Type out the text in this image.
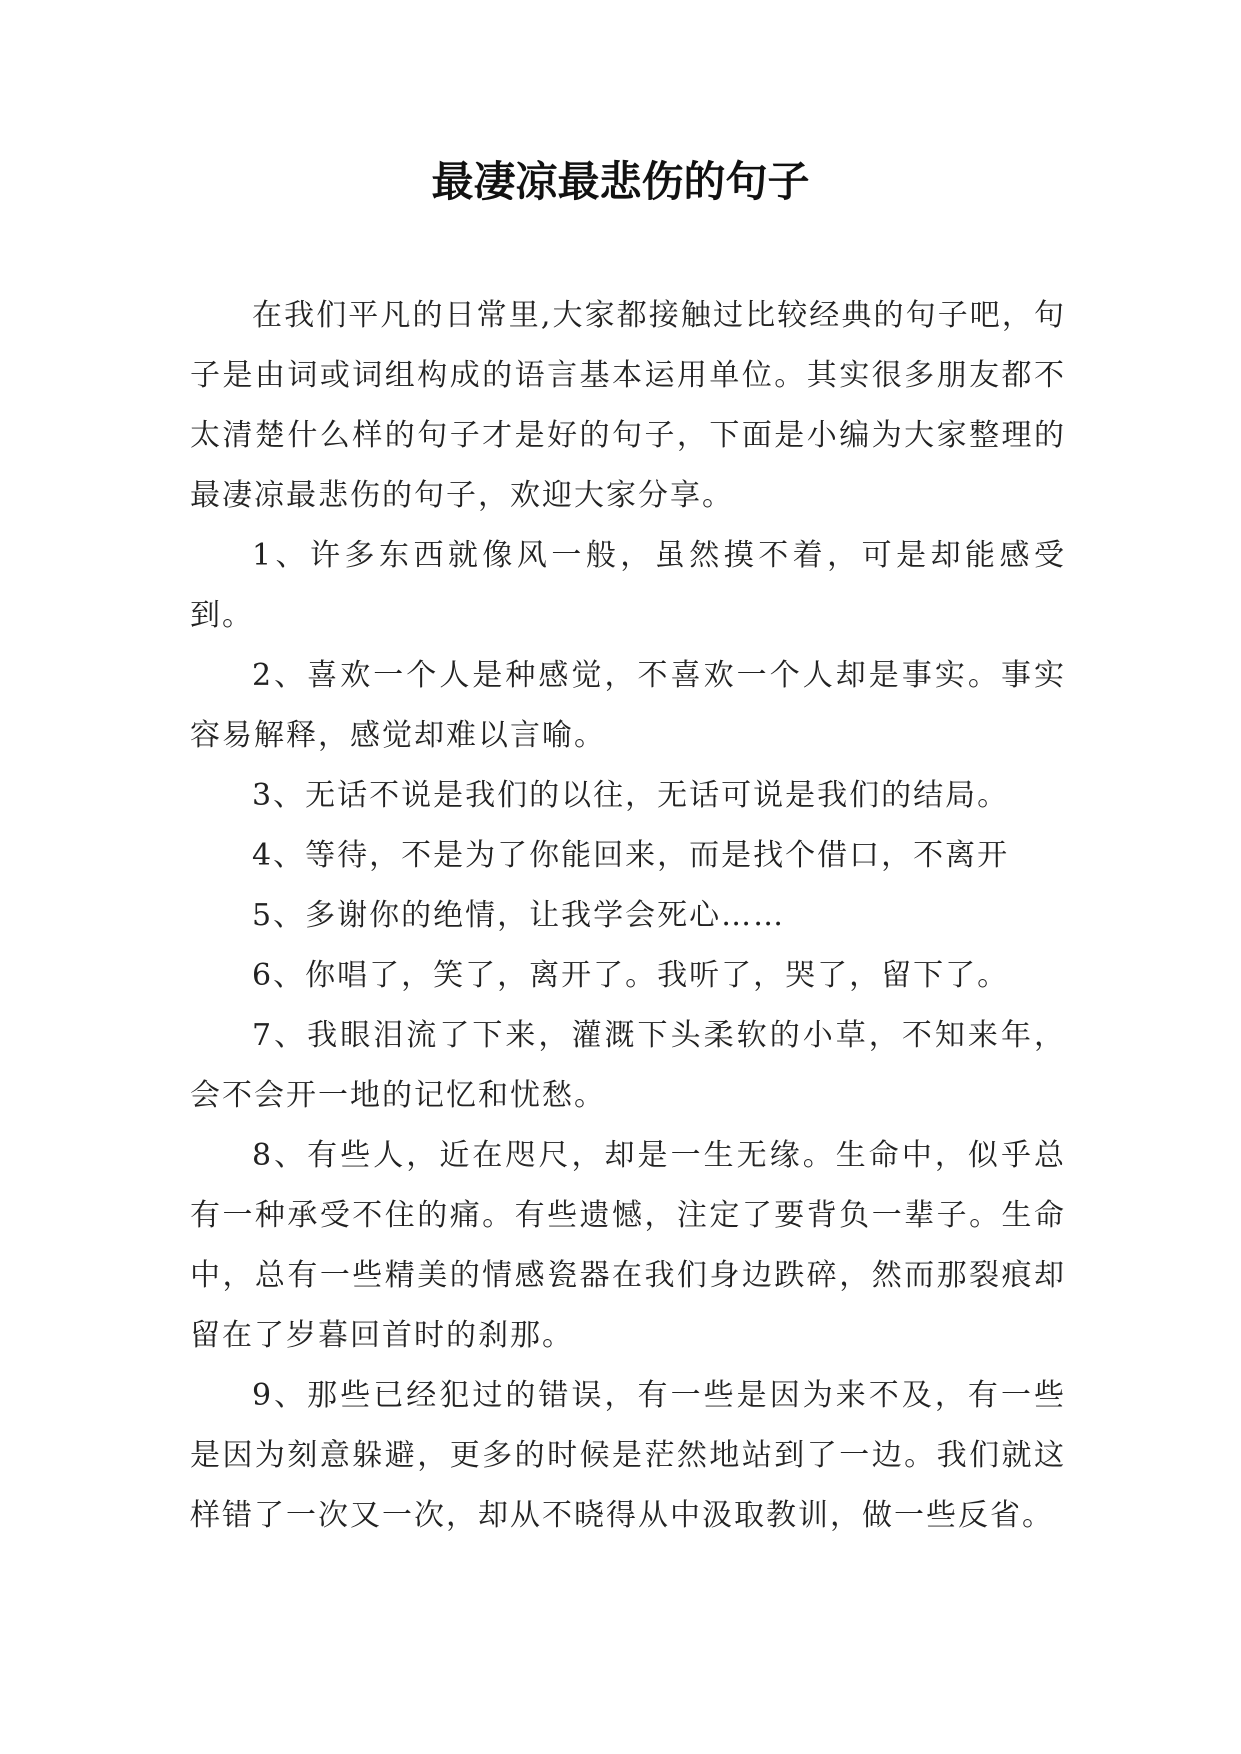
最凄凉最悲伤的句子

在我们平凡的日常里,大家都接触过比较经典的句子吧，句子是由词或词组构成的语言基本运用单位。其实很多朋友都不太清楚什么样的句子才是好的句子，下面是小编为大家整理的最凄凉最悲伤的句子，欢迎大家分享。

1、许多东西就像风一般，虽然摸不着，可是却能感受到。

2、喜欢一个人是种感觉，不喜欢一个人却是事实。事实容易解释，感觉却难以言喻。

3、无话不说是我们的以往，无话可说是我们的结局。

4、等待，不是为了你能回来，而是找个借口，不离开

5、多谢你的绝情，让我学会死心……

6、你唱了，笑了，离开了。我听了，哭了，留下了。

7、我眼泪流了下来，灌溉下头柔软的小草，不知来年，会不会开一地的记忆和忧愁。

8、有些人，近在咫尺，却是一生无缘。生命中，似乎总有一种承受不住的痛。有些遗憾，注定了要背负一辈子。生命中，总有一些精美的情感瓷器在我们身边跌碎，然而那裂痕却留在了岁暮回首时的刹那。

9、那些已经犯过的错误，有一些是因为来不及，有一些是因为刻意躲避，更多的时候是茫然地站到了一边。我们就这样错了一次又一次，却从不晓得从中汲取教训，做一些反省。
